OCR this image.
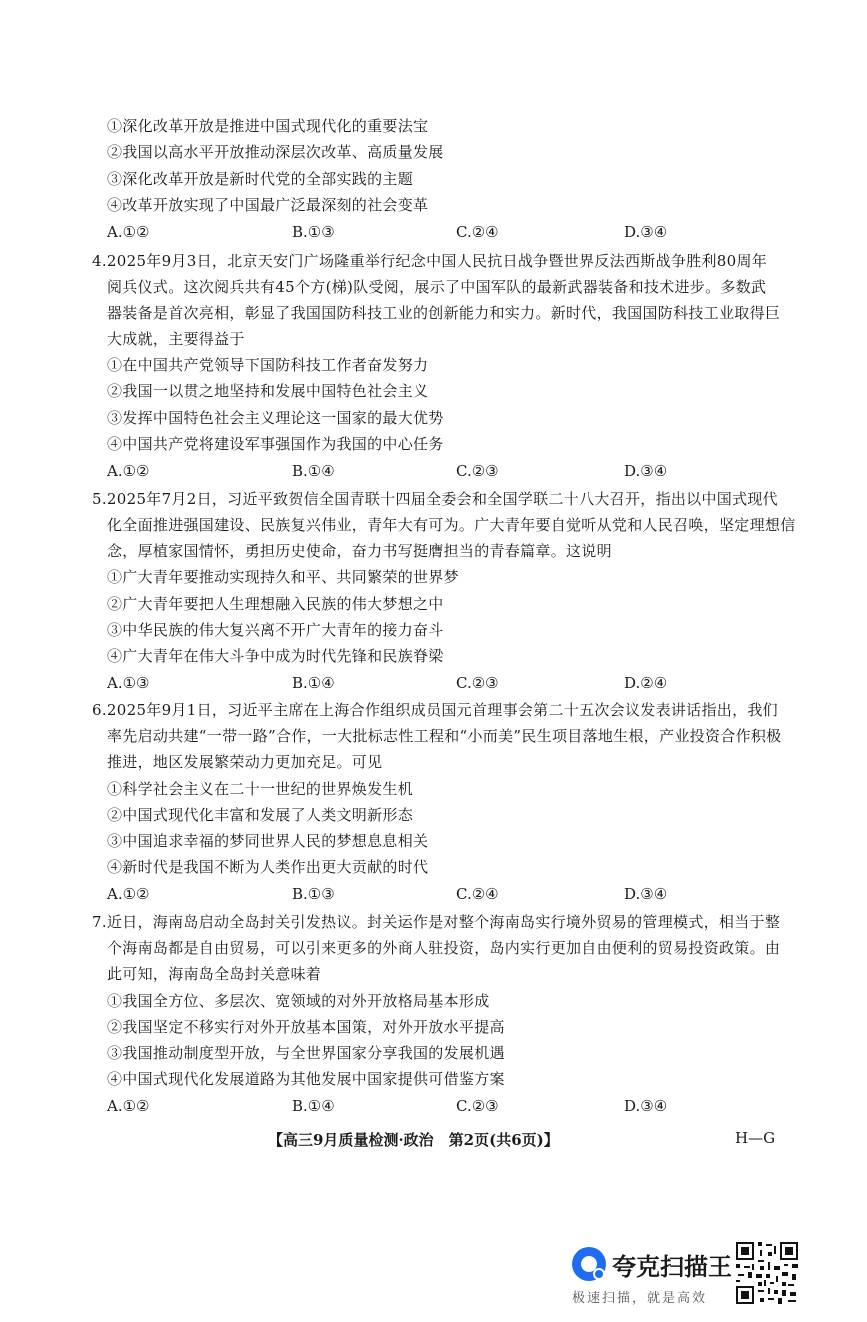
①深化改革开放是推进中国式现代化的重要法宝
②我国以高水平开放推动深层次改革、高质量发展
③深化改革开放是新时代党的全部实践的主题
④改革开放实现了中国最广泛最深刻的社会变革
A.①②	B.①③	C.②④	D.③④
4.2025年9月3日，北京天安门广场隆重举行纪念中国人民抗日战争暨世界反法西斯战争胜利80周年
阅兵仪式。这次阅兵共有45个方(梯)队受阅，展示了中国军队的最新武器装备和技术进步。多数武
器装备是首次亮相，彰显了我国国防科技工业的创新能力和实力。新时代，我国国防科技工业取得巨
大成就，主要得益于
①在中国共产党领导下国防科技工作者奋发努力
②我国一以贯之地坚持和发展中国特色社会主义
③发挥中国特色社会主义理论这一国家的最大优势
④中国共产党将建设军事强国作为我国的中心任务
A.①②	B.①④	C.②③	D.③④
5.2025年7月2日，习近平致贺信全国青联十四届全委会和全国学联二十八大召开，指出以中国式现代
化全面推进强国建设、民族复兴伟业，青年大有可为。广大青年要自觉听从党和人民召唤，坚定理想信
念，厚植家国情怀，勇担历史使命，奋力书写挺膺担当的青春篇章。这说明
①广大青年要推动实现持久和平、共同繁荣的世界梦
②广大青年要把人生理想融入民族的伟大梦想之中
③中华民族的伟大复兴离不开广大青年的接力奋斗
④广大青年在伟大斗争中成为时代先锋和民族脊梁
A.①③	B.①④	C.②③	D.②④
6.2025年9月1日，习近平主席在上海合作组织成员国元首理事会第二十五次会议发表讲话指出，我们
率先启动共建“一带一路”合作，一大批标志性工程和“小而美”民生项目落地生根，产业投资合作积极
推进，地区发展繁荣动力更加充足。可见
①科学社会主义在二十一世纪的世界焕发生机
②中国式现代化丰富和发展了人类文明新形态
③中国追求幸福的梦同世界人民的梦想息息相关
④新时代是我国不断为人类作出更大贡献的时代
A.①②	B.①③	C.②④	D.③④
7.近日，海南岛启动全岛封关引发热议。封关运作是对整个海南岛实行境外贸易的管理模式，相当于整
个海南岛都是自由贸易，可以引来更多的外商人驻投资，岛内实行更加自由便利的贸易投资政策。由
此可知，海南岛全岛封关意味着
①我国全方位、多层次、宽领域的对外开放格局基本形成
②我国坚定不移实行对外开放基本国策，对外开放水平提高
③我国推动制度型开放，与全世界国家分享我国的发展机遇
④中国式现代化发展道路为其他发展中国家提供可借鉴方案
A.①②	B.①④	C.②③	D.③④
【高三9月质量检测·政治　第2页(共6页)】	H—G
夸克扫描王
极速扫描，就是高效
